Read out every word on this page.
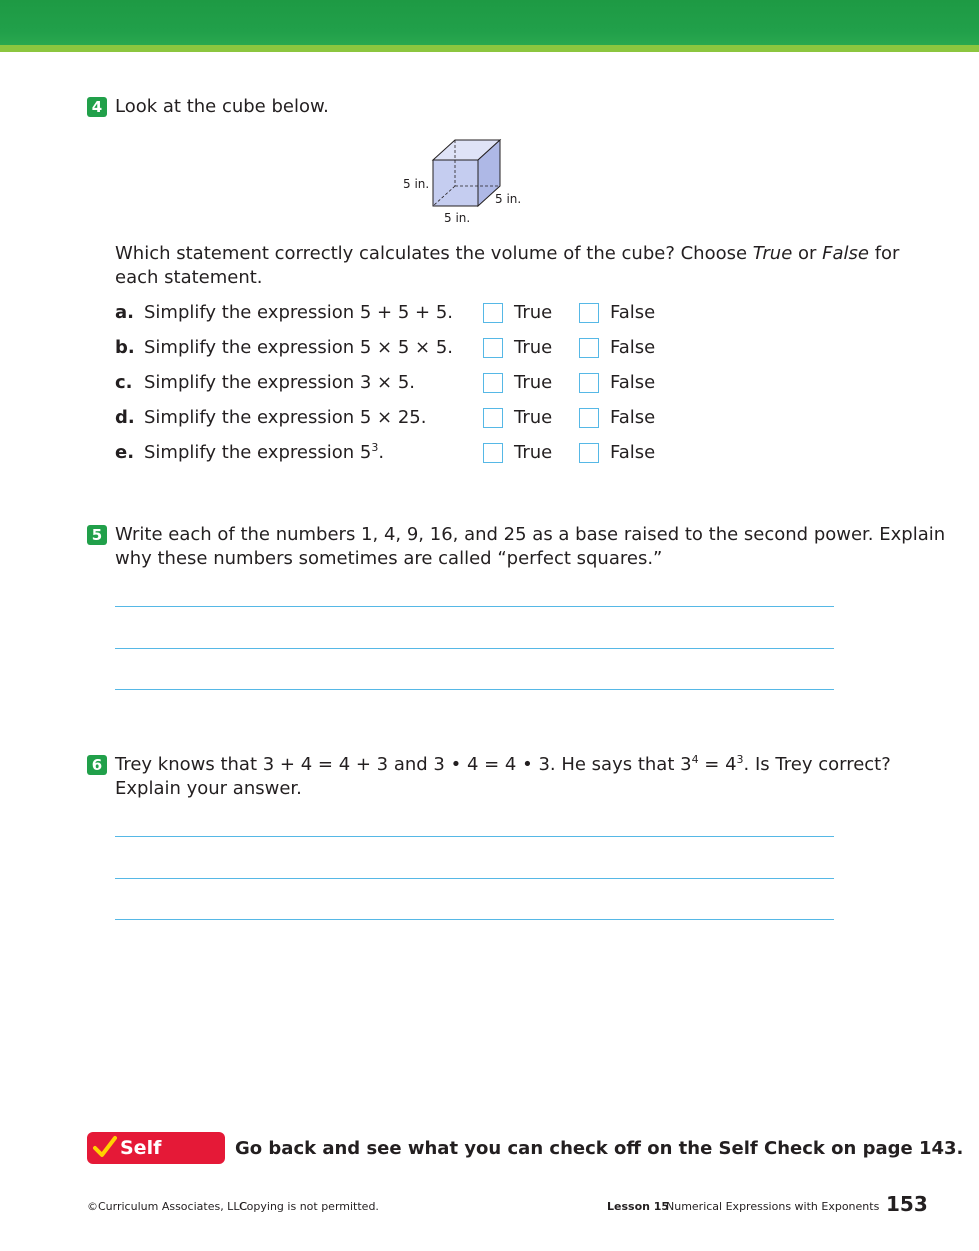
4 Look at the cube below.
5 in.
5 in.
5 in.
Which statement correctly calculates the volume of the cube? Choose True or False for
each statement.
a. Simplify the expression 5 + 5 + 5.	True	False
b. Simplify the expression 5 × 5 × 5.	True	False
c. Simplify the expression 3 × 5.	True	False
d. Simplify the expression 5 × 25.	True	False
e. Simplify the expression $5^3$.	True	False
5 Write each of the numbers 1, 4, 9, 16, and 25 as a base raised to the second power. Explain
why these numbers sometimes are called “perfect squares.”
6 Trey knows that 3 + 4 = 4 + 3 and 3 • 4 = 4 • 3. He says that $3^4 = 4^3$. Is Trey correct?
Explain your answer.
Self Check
Go back and see what you can check off on the Self Check on page 143.
©Curriculum Associates, LLC
Copying is not permitted.	Lesson 15
Numerical Expressions with Exponents 153
